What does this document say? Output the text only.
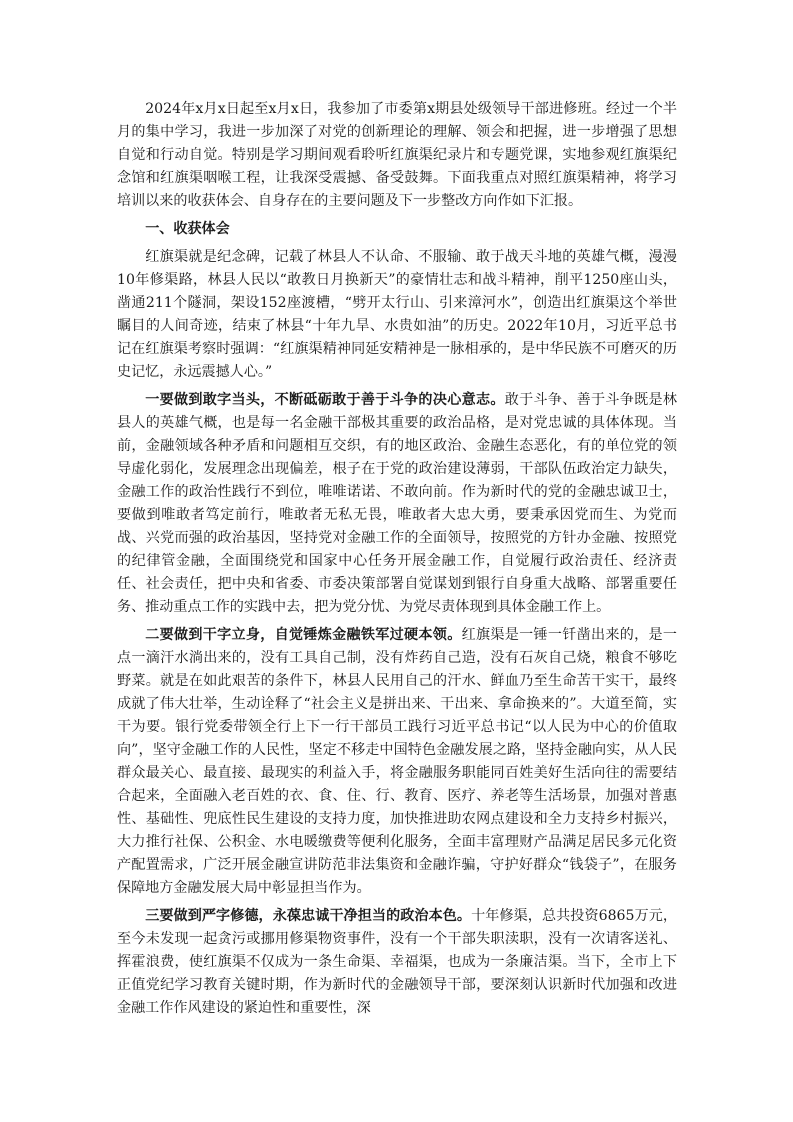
2024年x月x日起至x月x日，我参加了市委第x期县处级领导干部进修班。经过一个半月的集中学习，我进一步加深了对党的创新理论的理解、领会和把握，进一步增强了思想自觉和行动自觉。特别是学习期间观看聆听红旗渠纪录片和专题党课，实地参观红旗渠纪念馆和红旗渠咽喉工程，让我深受震撼、备受鼓舞。下面我重点对照红旗渠精神，将学习培训以来的收获体会、自身存在的主要问题及下一步整改方向作如下汇报。

一、收获体会

红旗渠就是纪念碑，记载了林县人不认命、不服输、敢于战天斗地的英雄气概，漫漫10年修渠路，林县人民以“敢教日月换新天”的豪情壮志和战斗精神，削平1250座山头，凿通211个隧洞，架设152座渡槽，“劈开太行山、引来漳河水”，创造出红旗渠这个举世瞩目的人间奇迹，结束了林县“十年九旱、水贵如油”的历史。2022年10月，习近平总书记在红旗渠考察时强调：“红旗渠精神同延安精神是一脉相承的，是中华民族不可磨灭的历史记忆，永远震撼人心。”

一要做到敢字当头，不断砥砺敢于善于斗争的决心意志。敢于斗争、善于斗争既是林县人的英雄气概，也是每一名金融干部极其重要的政治品格，是对党忠诚的具体体现。当前，金融领域各种矛盾和问题相互交织，有的地区政治、金融生态恶化，有的单位党的领导虚化弱化，发展理念出现偏差，根子在于党的政治建设薄弱，干部队伍政治定力缺失，金融工作的政治性践行不到位，唯唯诺诺、不敢向前。作为新时代的党的金融忠诚卫士，要做到唯敢者笃定前行，唯敢者无私无畏，唯敢者大忠大勇，要秉承因党而生、为党而战、兴党而强的政治基因，坚持党对金融工作的全面领导，按照党的方针办金融、按照党的纪律管金融，全面围绕党和国家中心任务开展金融工作，自觉履行政治责任、经济责任、社会责任，把中央和省委、市委决策部署自觉谋划到银行自身重大战略、部署重要任务、推动重点工作的实践中去，把为党分忧、为党尽责体现到具体金融工作上。

二要做到干字立身，自觉锤炼金融铁军过硬本领。红旗渠是一锤一钎凿出来的，是一点一滴汗水淌出来的，没有工具自己制，没有炸药自己造，没有石灰自己烧，粮食不够吃野菜。就是在如此艰苦的条件下，林县人民用自己的汗水、鲜血乃至生命苦干实干，最终成就了伟大壮举，生动诠释了“社会主义是拼出来、干出来、拿命换来的”。大道至简，实干为要。银行党委带领全行上下一行干部员工践行习近平总书记“以人民为中心的价值取向”，坚守金融工作的人民性，坚定不移走中国特色金融发展之路，坚持金融向实，从人民群众最关心、最直接、最现实的利益入手，将金融服务职能同百姓美好生活向往的需要结合起来，全面融入老百姓的衣、食、住、行、教育、医疗、养老等生活场景，加强对普惠性、基础性、兜底性民生建设的支持力度，加快推进助农网点建设和全力支持乡村振兴，大力推行社保、公积金、水电暖缴费等便利化服务，全面丰富理财产品满足居民多元化资产配置需求，广泛开展金融宣讲防范非法集资和金融诈骗，守护好群众“钱袋子”，在服务保障地方金融发展大局中彰显担当作为。

三要做到严字修德，永葆忠诚干净担当的政治本色。十年修渠，总共投资6865万元，至今未发现一起贪污或挪用修渠物资事件，没有一个干部失职渎职，没有一次请客送礼、挥霍浪费，使红旗渠不仅成为一条生命渠、幸福渠，也成为一条廉洁渠。当下，全市上下正值党纪学习教育关键时期，作为新时代的金融领导干部，要深刻认识新时代加强和改进金融工作作风建设的紧迫性和重要性，深
